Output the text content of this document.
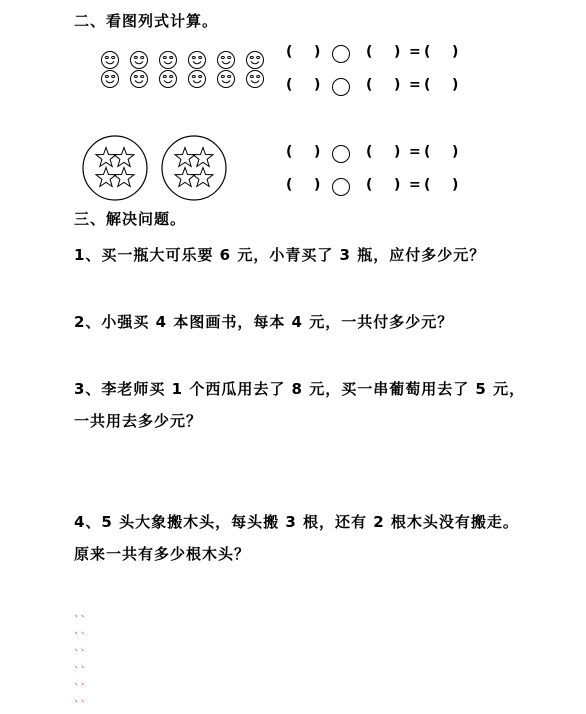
二、看图列式计算。
( )	( ) = ( )
( )	( ) = ( )
( )	( ) = ( )
( )	( ) = ( )
三、解决问题。
1、买一瓶大可乐要 6 元，小青买了 3 瓶，应付多少元？
2、小强买 4 本图画书，每本 4 元，一共付多少元？
3、李老师买 1 个西瓜用去了 8 元，买一串葡萄用去了 5 元，
一共用去多少元？
4、5 头大象搬木头，每头搬 3 根，还有 2 根木头没有搬走。
原来一共有多少根木头？
、、
、、
、、
、、
、、
、、
